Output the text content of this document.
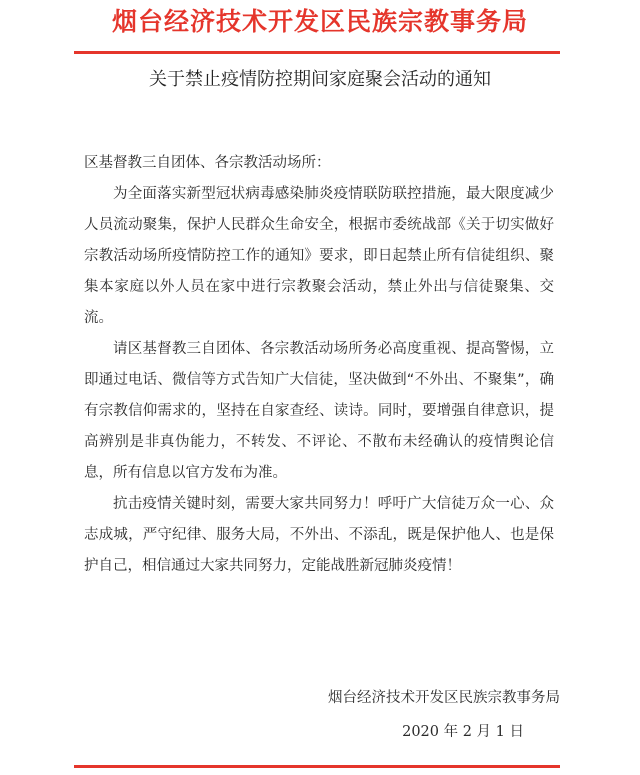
烟台经济技术开发区民族宗教事务局
关于禁止疫情防控期间家庭聚会活动的通知

区基督教三自团体、各宗教活动场所：

为全面落实新型冠状病毒感染肺炎疫情联防联控措施，最大限度减少人员流动聚集，保护人民群众生命安全，根据市委统战部《关于切实做好宗教活动场所疫情防控工作的通知》要求，即日起禁止所有信徒组织、聚集本家庭以外人员在家中进行宗教聚会活动，禁止外出与信徒聚集、交流。

请区基督教三自团体、各宗教活动场所务必高度重视、提高警惕，立即通过电话、微信等方式告知广大信徒，坚决做到“不外出、不聚集”，确有宗教信仰需求的，坚持在自家查经、读诗。同时，要增强自律意识，提高辨别是非真伪能力，不转发、不评论、不散布未经确认的疫情舆论信息，所有信息以官方发布为准。

抗击疫情关键时刻，需要大家共同努力！呼吁广大信徒万众一心、众志成城，严守纪律、服务大局，不外出、不添乱，既是保护他人、也是保护自己，相信通过大家共同努力，定能战胜新冠肺炎疫情！

烟台经济技术开发区民族宗教事务局
2020 年 2 月 1 日
